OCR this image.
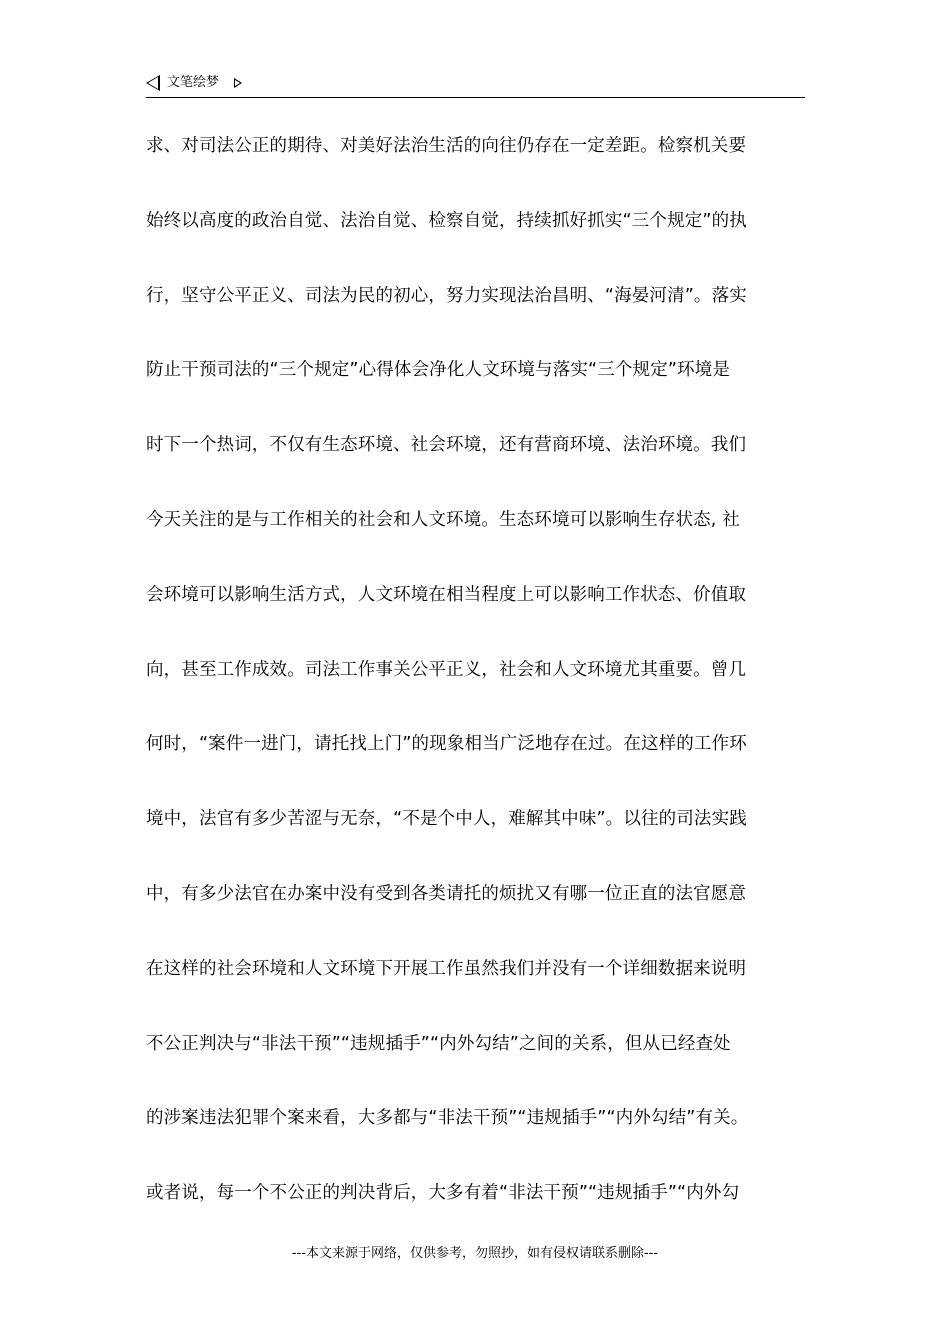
文笔绘梦
求、对司法公正的期待、对美好法治生活的向往仍存在一定差距。检察机关要
始终以高度的政治自觉、法治自觉、检察自觉，持续抓好抓实“三个规定”的执
行，坚守公平正义、司法为民的初心，努力实现法治昌明、“海晏河清”。落实
防止干预司法的“三个规定”心得体会净化人文环境与落实“三个规定”环境是
时下一个热词，不仅有生态环境、社会环境，还有营商环境、法治环境。我们
今天关注的是与工作相关的社会和人文环境。生态环境可以影响生存状态, 社
会环境可以影响生活方式，人文环境在相当程度上可以影响工作状态、价值取
向，甚至工作成效。司法工作事关公平正义，社会和人文环境尤其重要。曾几
何时，“案件一进门，请托找上门”的现象相当广泛地存在过。在这样的工作环
境中，法官有多少苦涩与无奈，“不是个中人，难解其中味”。以往的司法实践
中，有多少法官在办案中没有受到各类请托的烦扰又有哪一位正直的法官愿意
在这样的社会环境和人文环境下开展工作虽然我们并没有一个详细数据来说明
不公正判决与“非法干预”“违规插手”“内外勾结”之间的关系，但从已经查处
的涉案违法犯罪个案来看，大多都与“非法干预”“违规插手”“内外勾结”有关。
或者说，每一个不公正的判决背后，大多有着“非法干预”“违规插手”“内外勾
---本文来源于网络，仅供参考，勿照抄，如有侵权请联系删除---
